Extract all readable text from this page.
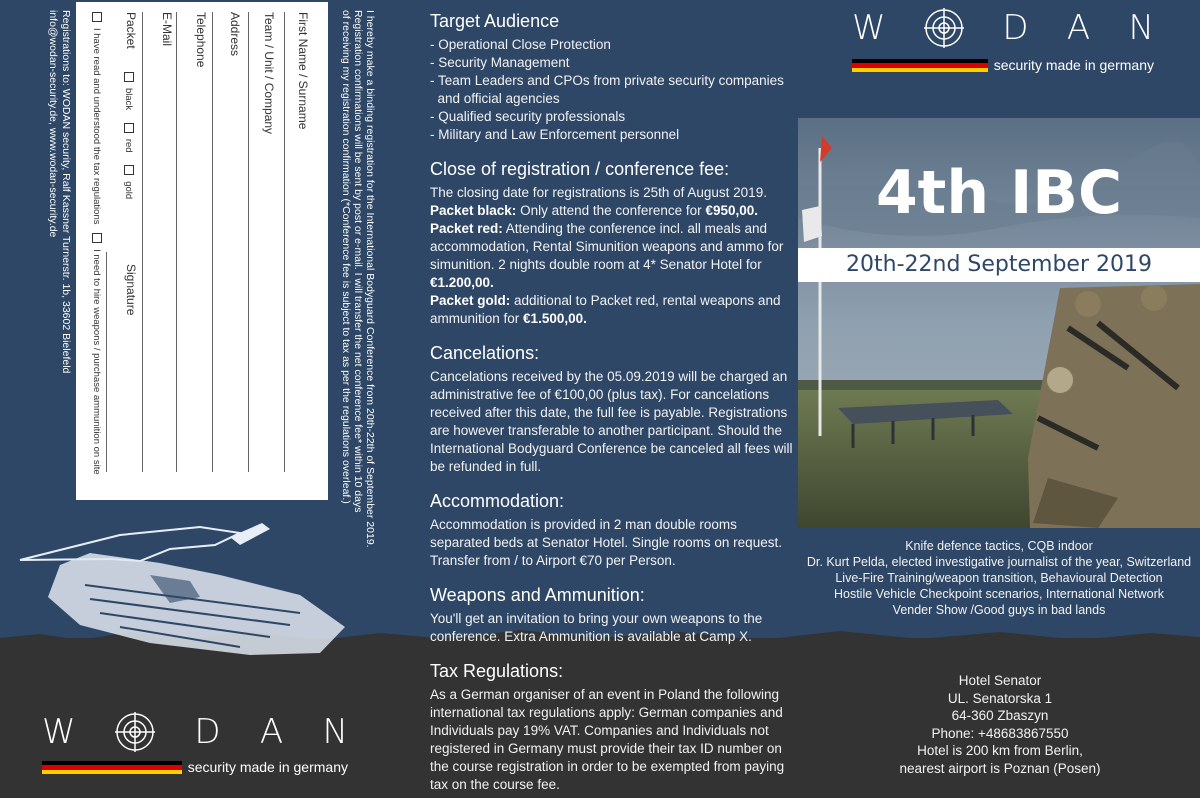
I hereby make a binding registration for the International Bodyguard Conference from 20th-22th of September 2019.
Registration confirmations will be sent by post or e-mail. I will transfer the net conference fee* within 10 days
of receiving my registration confirmation (*Conference fee is subject to tax as per the regulations overleaf.)
First Name / Surname
Team / Unit / Company
Address
Telephone
E-Mail
Packet
black red gold
Signature
I have read and understood the tax regulations I need to hire weapons / purchase ammunition on site
Registrations to: WODAN security, Ralf Kassner Turnerstr. 1b, 33602 Bielefeld
info@wodan-security.de, www.wodan-security.de
W	D A N
security made in germany
Target Audience
- Operational Close Protection
- Security Management
- Team Leaders and CPOs from private security companies
and official agencies
- Qualified security professionals
- Military and Law Enforcement personnel
Close of registration / conference fee:

The closing date for registrations is 25th of August 2019.

Packet black: Only attend the conference for €950,00.

Packet red: Attending the conference incl. all meals and accommodation, Rental Simunition weapons and ammo for simunition. 2 nights double room at 4* Senator Hotel for €1.200,00.

Packet gold: additional to Packet red, rental weapons and ammunition for €1.500,00.

Cancelations:

Cancelations received by the 05.09.2019 will be charged an administrative fee of €100,00 (plus tax). For cancelations received after this date, the full fee is payable. Registrations are however transferable to another participant. Should the International Bodyguard Conference be canceled all fees will be refunded in full.

Accommodation:

Accommodation is provided in 2 man double rooms separated beds at Senator Hotel. Single rooms on request. Transfer from / to Airport €70 per Person.

Weapons and Ammunition:

You'll get an invitation to bring your own weapons to the conference. Extra Ammunition is available at Camp X.

Tax Regulations:

As a German organiser of an event in Poland the following international tax regulations apply: German companies and Individuals pay 19% VAT. Companies and Individuals not registered in Germany must provide their tax ID number on the course registration in order to be exempted from paying tax on the course fee.

W	D A N
security made in germany
4th IBC
20th-22nd September 2019
Knife defence tactics, CQB indoor
Dr. Kurt Pelda, elected investigative journalist of the year, Switzerland
Live-Fire Training/weapon transition, Behavioural Detection
Hostile Vehicle Checkpoint scenarios, International Network
Vender Show /Good guys in bad lands
Hotel Senator
UL. Senatorska 1
64-360 Zbaszyn
Phone: +48683867550
Hotel is 200 km from Berlin,
nearest airport is Poznan (Posen)
